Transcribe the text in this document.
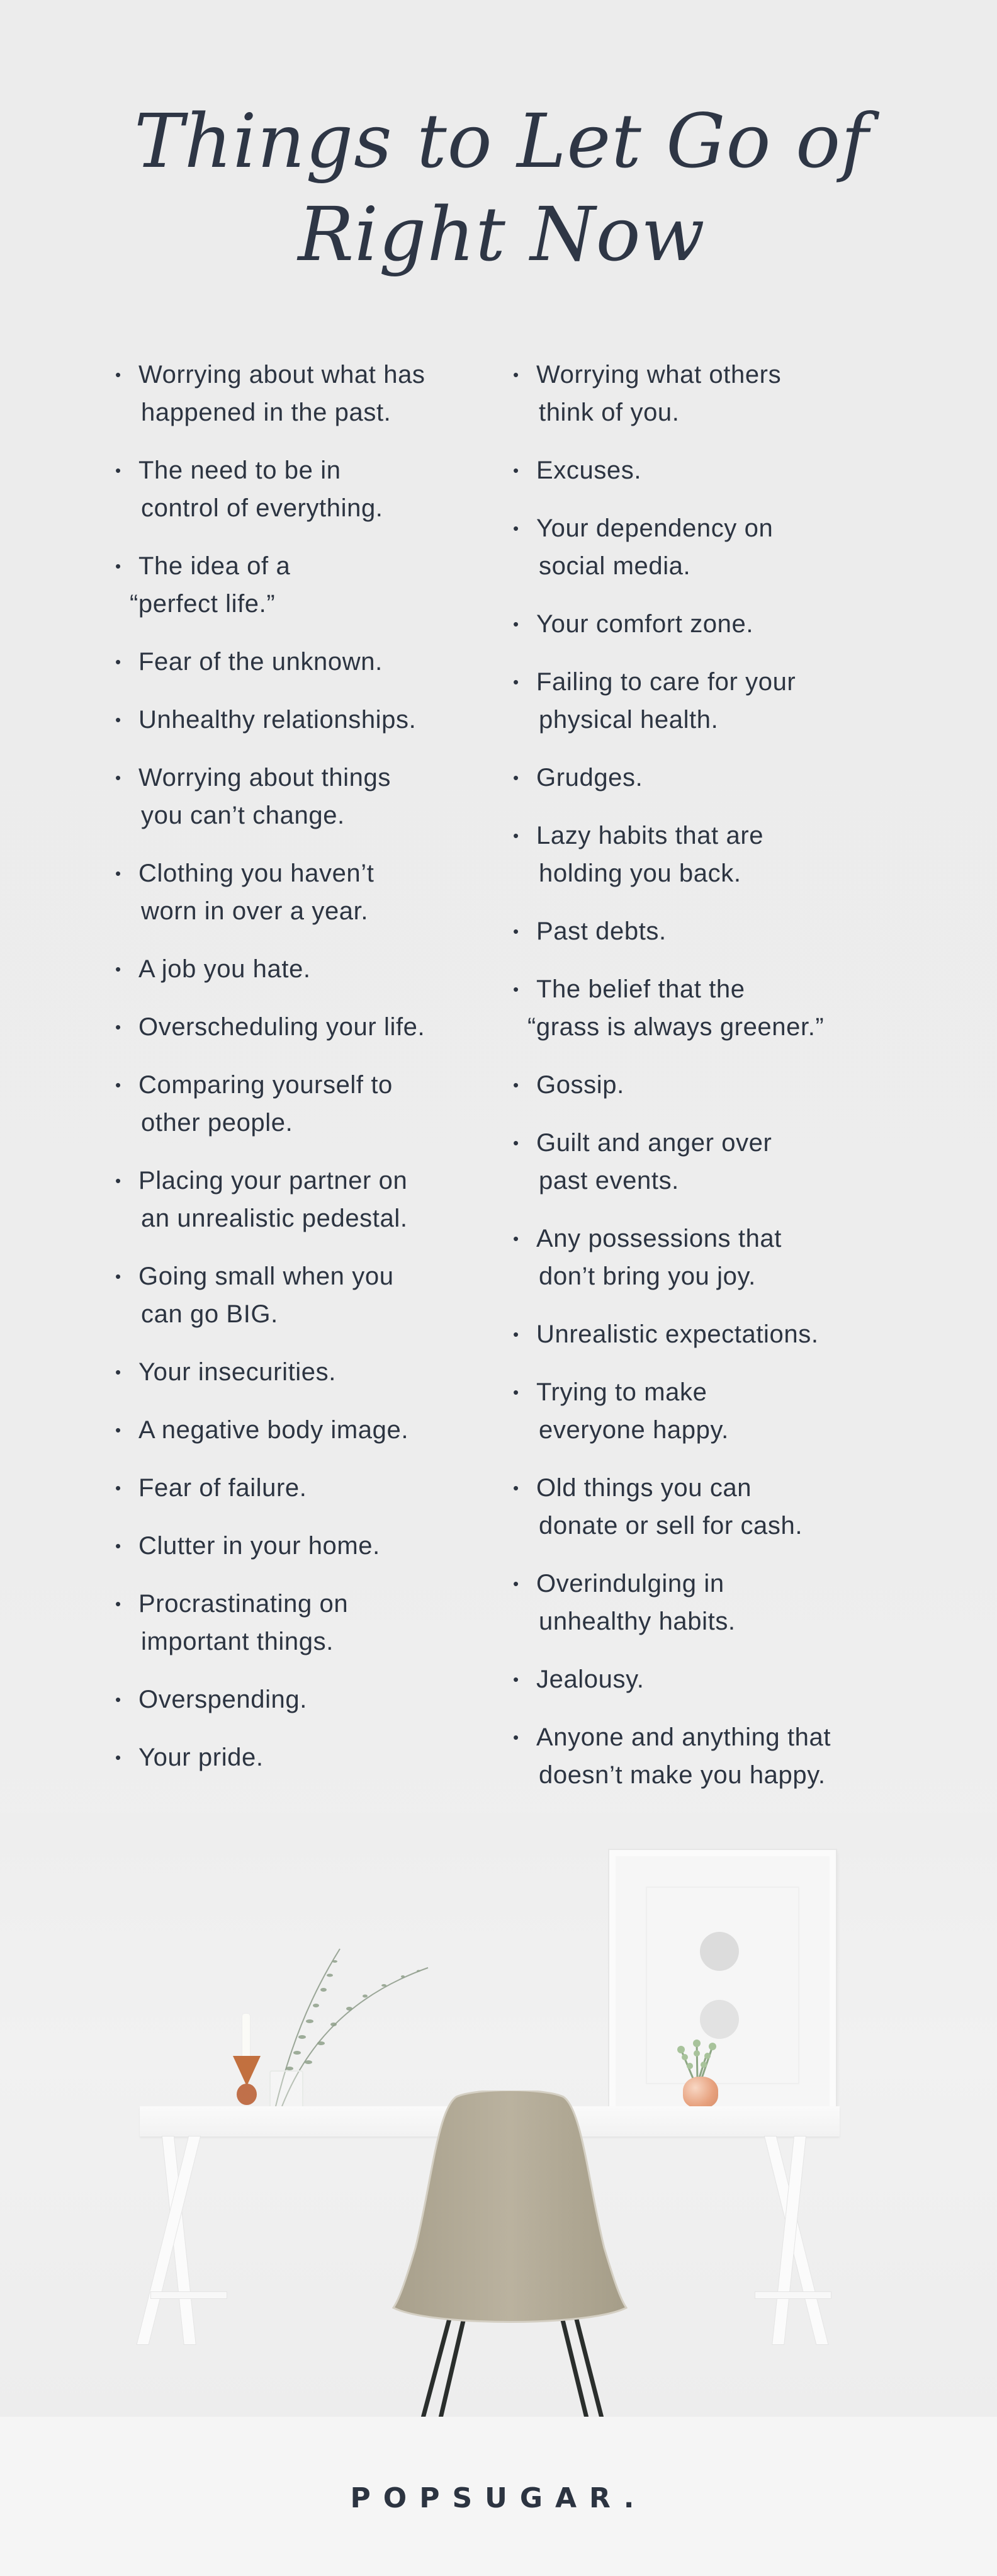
Things to Let Go of
Right Now
• Worrying about what has
happened in the past.
• The need to be in
control of everything.
• The idea of a
“perfect life.”
• Fear of the unknown.
• Unhealthy relationships.
• Worrying about things
you can’t change.
• Clothing you haven’t
worn in over a year.
• A job you hate.
• Overscheduling your life.
• Comparing yourself to
other people.
• Placing your partner on
an unrealistic pedestal.
• Going small when you
can go BIG.
• Your insecurities.
• A negative body image.
• Fear of failure.
• Clutter in your home.
• Procrastinating on
important things.
• Overspending.
• Your pride.
• Worrying what others
think of you.
• Excuses.
• Your dependency on
social media.
• Your comfort zone.
• Failing to care for your
physical health.
• Grudges.
• Lazy habits that are
holding you back.
• Past debts.
• The belief that the
“grass is always greener.”
• Gossip.
• Guilt and anger over
past events.
• Any possessions that
don’t bring you joy.
• Unrealistic expectations.
• Trying to make
everyone happy.
• Old things you can
donate or sell for cash.
• Overindulging in
unhealthy habits.
• Jealousy.
• Anyone and anything that
doesn’t make you happy.
POPSUGAR.
